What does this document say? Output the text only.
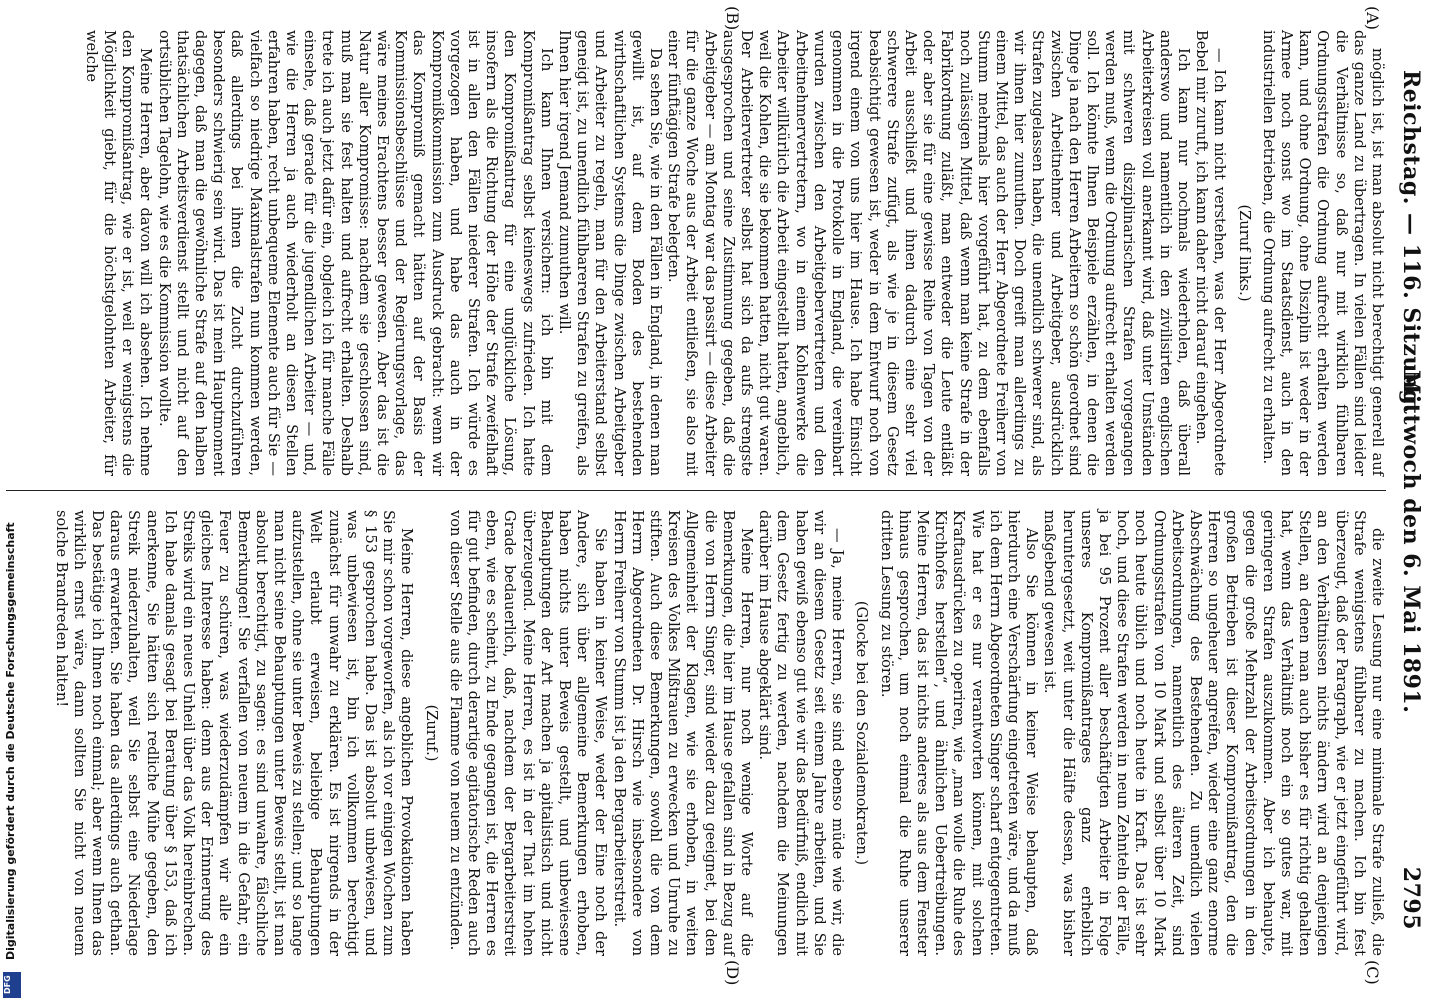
Reichstag. — 116. Sitzung.
Mittwoch den 6. Mai 1891.
2795
(A)
(B)
(C)
(D)

möglich ist, ist man absolut nicht berechtigt generell auf das ganze Land zu übertragen. In vielen Fällen sind leider die Verhältnisse so, daß nur mit wirklich fühlbaren Ordnungsstrafen die Ordnung aufrecht erhalten werden kann, und ohne Ordnung, ohne Disziplin ist weder in der Armee noch sonst wo im Staatsdienst, auch in den industriellen Betrieben, die Ordnung aufrecht zu erhalten.

(Zuruf links.)

— Ich kann nicht verstehen, was der Herr Abgeordnete Bebel mir zuruft, ich kann daher nicht darauf eingehen.

Ich kann nur nochmals wiederholen, daß überall anderswo und namentlich in den zivilisirten englischen Arbeiterkreisen voll anerkannt wird, daß unter Umständen mit schweren disziplinarischen Strafen vorgegangen werden muß, wenn die Ordnung aufrecht erhalten werden soll. Ich könnte Ihnen Beispiele erzählen, in denen die Dinge ja nach den Herren Arbeitern so schön geordnet sind zwischen Arbeitnehmer und Arbeitgeber, ausdrücklich Strafen zugelassen haben, die unendlich schwerer sind, als wir ihnen hier zumuthen. Doch greift man allerdings zu einem Mittel, das auch der Herr Abgeordnete Freiherr von Stumm mehrmals hier vorgeführt hat, zu dem ebenfalls noch zulässigen Mittel, daß wenn man keine Strafe in der Fabrikordnung zuläßt, man entweder die Leute entläßt oder aber sie für eine gewisse Reihe von Tagen von der Arbeit ausschließt und ihnen dadurch eine sehr viel schwerere Strafe zufügt, als wie je in diesem Gesetz beabsichtigt gewesen ist, weder in dem Entwurf noch von irgend einem von uns hier im Hause. Ich habe Einsicht genommen in die Protokolle in England, die vereinbart wurden zwischen den Arbeitgebervertretern und den Arbeitnehmervertretern, wo in einem Kohlenwerke die Arbeiter willkürlich die Arbeit eingestellt hatten, angeblich, weil die Kohlen, die sie bekommen hatten, nicht gut waren. Der Arbeitervertreter selbst hat sich da aufs strengste ausgesprochen und seine Zustimmung gegeben, daß die Arbeitgeber — am Montag war das passirt — diese Arbeiter für die ganze Woche aus der Arbeit entließen, sie also mit einer fünftägigen Strafe belegten.

Da sehen Sie, wie in den Fällen in England, in denen man gewillt ist, auf dem Boden des bestehenden wirthschaftlichen Systems die Dinge zwischen Arbeitgeber und Arbeiter zu regeln, man für den Arbeiterstand selbst geneigt ist, zu unendlich fühlbareren Strafen zu greifen, als Ihnen hier irgend Jemand zumuthen will.

Ich kann Ihnen versichern: ich bin mit dem Kompromißantrag selbst keineswegs zufrieden. Ich hatte den Kompromißantrag für eine unglückliche Lösung, insofern als die Richtung der Höhe der Strafe zweifelhaft ist in allen den Fällen niederer Strafen. Ich würde es vorgezogen haben, und habe das auch in der Kompromißkommission zum Ausdruck gebracht: wenn wir das Kompromiß gemacht hätten auf der Basis der Kommissionsbeschlüsse und der Regierungsvorlage, das wäre meines Erachtens besser gewesen. Aber das ist die Natur aller Kompromisse: nachdem sie geschlossen sind, muß man sie fest halten und aufrecht erhalten. Deshalb trete ich auch jetzt dafür ein, obgleich ich für manche Fälle einsehe, daß gerade für die jugendlichen Arbeiter — und, wie die Herren ja auch wiederholt an diesen Stellen erfahren haben, recht unbequeme Elemente auch für Sie — vielfach so niedrige Maximalstrafen nun kommen werden, daß allerdings bei ihnen die Zucht durchzuführen besonders schwierig sein wird. Das ist mein Hauptmoment dagegen, daß man die gewöhnliche Strafe auf den halben thatsächlichen Arbeitsverdienst stellt und nicht auf den ortsüblichen Tagelohn, wie es die Kommission wollte.

Meine Herren, aber davon will ich absehen. Ich nehme den Kompromißantrag, wie er ist, weil er wenigstens die Möglichkeit giebt, für die höchstgelohnten Arbeiter, für welche

die zweite Lesung nur eine minimale Strafe zuließ, die Strafe wenigstens fühlbarer zu machen. Ich bin fest überzeugt, daß der Paragraph, wie er jetzt eingeführt wird, an den Verhältnissen nichts ändern wird an denjenigen Stellen, an denen man auch bisher es für richtig gehalten hat, wenn das Verhältniß noch ein so gutes war, mit geringeren Strafen auszukommen. Aber ich behaupte, gegen die große Mehrzahl der Arbeitsordnungen in den großen Betrieben ist dieser Kompromißantrag, den die Herren so ungeheuer angreifen, wieder eine ganz enorme Abschwächung des Bestehenden. Zu unendlich vielen Arbeitsordnungen, namentlich des älteren Zeit, sind Ordnungsstrafen von 10 Mark und selbst über 10 Mark noch heute üblich und noch heute in Kraft. Das ist sehr hoch, und diese Strafen werden in neun Zehnteln der Fälle, ja bei 95 Prozent aller beschäftigten Arbeiter in Folge unseres Kompromißantrages ganz erheblich heruntergesetzt, weit unter die Hälfte dessen, was bisher maßgebend gewesen ist.

Also Sie können in keiner Weise behaupten, daß hierdurch eine Verschärfung eingetreten wäre, und da muß ich dem Herrn Abgeordneten Singer scharf entgegentreten. Wie hat er es nur verantworten können, mit solchen Kraftausdrücken zu operiren, wie „man wolle die Ruhe des Kirchhofes herstellen“, und ähnlichen Uebertreibungen. Meine Herren, das ist nichts anderes als aus dem Fenster hinaus gesprochen, um noch einmal die Ruhe unserer dritten Lesung zu stören.

(Glocke bei den Sozialdemokraten.)

— Ja, meine Herren, sie sind ebenso müde wie wir, die wir an diesem Gesetz seit einem Jahre arbeiten, und Sie haben gewiß ebenso gut wie wir das Bedürfniß, endlich mit dem Gesetz fertig zu werden, nachdem die Meinungen darüber im Hause abgeklärt sind.

Meine Herren, nur noch wenige Worte auf die Bemerkungen, die hier im Hause gefallen sind in Bezug auf die von Herrn Singer, sind wieder dazu geeignet, bei den Allgemeinheit der Klagen, wie sie erhoben, in weiten Kreisen des Volkes Mißtrauen zu erwecken und Unruhe zu stiften. Auch diese Bemerkungen, sowohl die von dem Herrn Abgeordneten Dr. Hirsch wie insbesondere von Herrn Freiherr von Stumm ist ja den Bergarbeiterstreit.

Sie haben in keiner Weise, weder der Eine noch der Andere, sich über allgemeine Bemerkungen erhoben, haben nichts unter Beweis gestellt, und unbewiesene Behauptungen der Art machen ja apitalistisch und nicht überzeugend. Meine Herren, es ist in der That im hohen Grade bedauerlich, daß, nachdem der Bergarbeiterstreit eben, wie es scheint, zu Ende gegangen ist, die Herren es für gut befinden, durch derartige agitatorische Reden auch von dieser Stelle aus die Flamme von neuem zu entzünden.

(Zuruf.)

Meine Herren, diese angeblichen Provokationen haben Sie mir schon vorgeworfen, als ich vor einigen Wochen zum § 153 gesprochen habe. Das ist absolut unbewiesen, und was unbewiesen ist, bin ich vollkommen berechtigt zunächst für unwahr zu erklären. Es ist nirgends in der Welt erlaubt erweisen, beliebige Behauptungen aufzustellen, ohne sie unter Beweis zu stellen; und so lange man nicht seine Behauptungen unter Beweis stellt, ist man absolut berechtigt, zu sagen: es sind unwahre, fälschliche Bemerkungen! Sie verfallen von neuem in die Gefahr, ein Feuer zu schüren, was wiederzudämpfen wir alle ein gleiches Interesse haben: denn aus der Erinnerung des Streiks wird ein neues Unheil über das Volk hereinbrechen. Ich habe damals gesagt bei Beratung über § 153, daß ich anerkenne, Sie hätten sich redliche Mühe gegeben, den Streik niederzuhalten, weil Sie selbst eine Niederlage daraus erwarteten. Sie haben das allerdings auch gethan. Das bestätige ich Ihnen noch einmal; aber wenn Ihnen das wirklich ernst wäre, dann sollten Sie nicht von neuem solche Brandreden halten!

Digitalisierung gefördert durch die Deutsche Forschungsgemeinschaft
DFG
